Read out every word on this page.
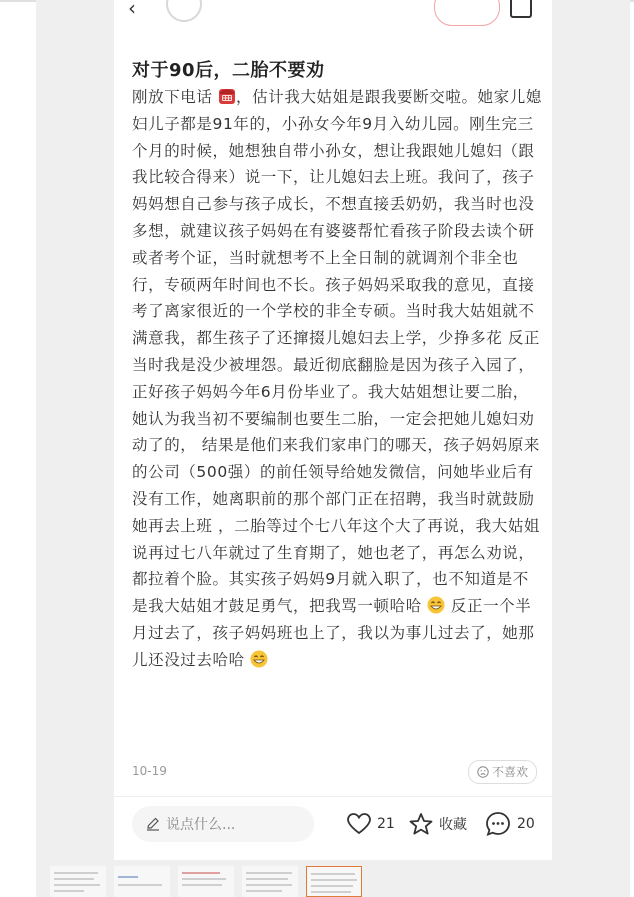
‹
对于90后，二胎不要劝
刚放下电话 ，估计我大姑姐是跟我要断交啦。她家儿媳妇儿子都是91年的，小孙女今年9月入幼儿园。刚生完三个月的时候，她想独自带小孙女，想让我跟她儿媳妇（跟我比较合得来）说一下，让儿媳妇去上班。我问了，孩子妈妈想自己参与孩子成长，不想直接丢奶奶，我当时也没多想，就建议孩子妈妈在有婆婆帮忙看孩子阶段去读个研或者考个证，当时就想考不上全日制的就调剂个非全也行，专硕两年时间也不长。孩子妈妈采取我的意见，直接考了离家很近的一个学校的非全专硕。当时我大姑姐就不满意我，都生孩子了还撺掇儿媳妇去上学，少挣多花 反正当时我是没少被埋怨。最近彻底翻脸是因为孩子入园了，正好孩子妈妈今年6月份毕业了。我大姑姐想让要二胎，她认为我当初不要编制也要生二胎，一定会把她儿媳妇劝动了的， 结果是他们来我们家串门的哪天，孩子妈妈原来的公司（500强）的前任领导给她发微信，问她毕业后有没有工作，她离职前的那个部门正在招聘，我当时就鼓励她再去上班 ，二胎等过个七八年这个大了再说，我大姑姐说再过七八年就过了生育期了，她也老了，再怎么劝说，都拉着个脸。其实孩子妈妈9月就入职了，也不知道是不是我大姑姐才鼓足勇气，把我骂一顿哈哈 反正一个半月过去了，孩子妈妈班也上了，我以为事儿过去了，她那儿还没过去哈哈
10-19	不喜欢
说点什么...	21	收藏	20
